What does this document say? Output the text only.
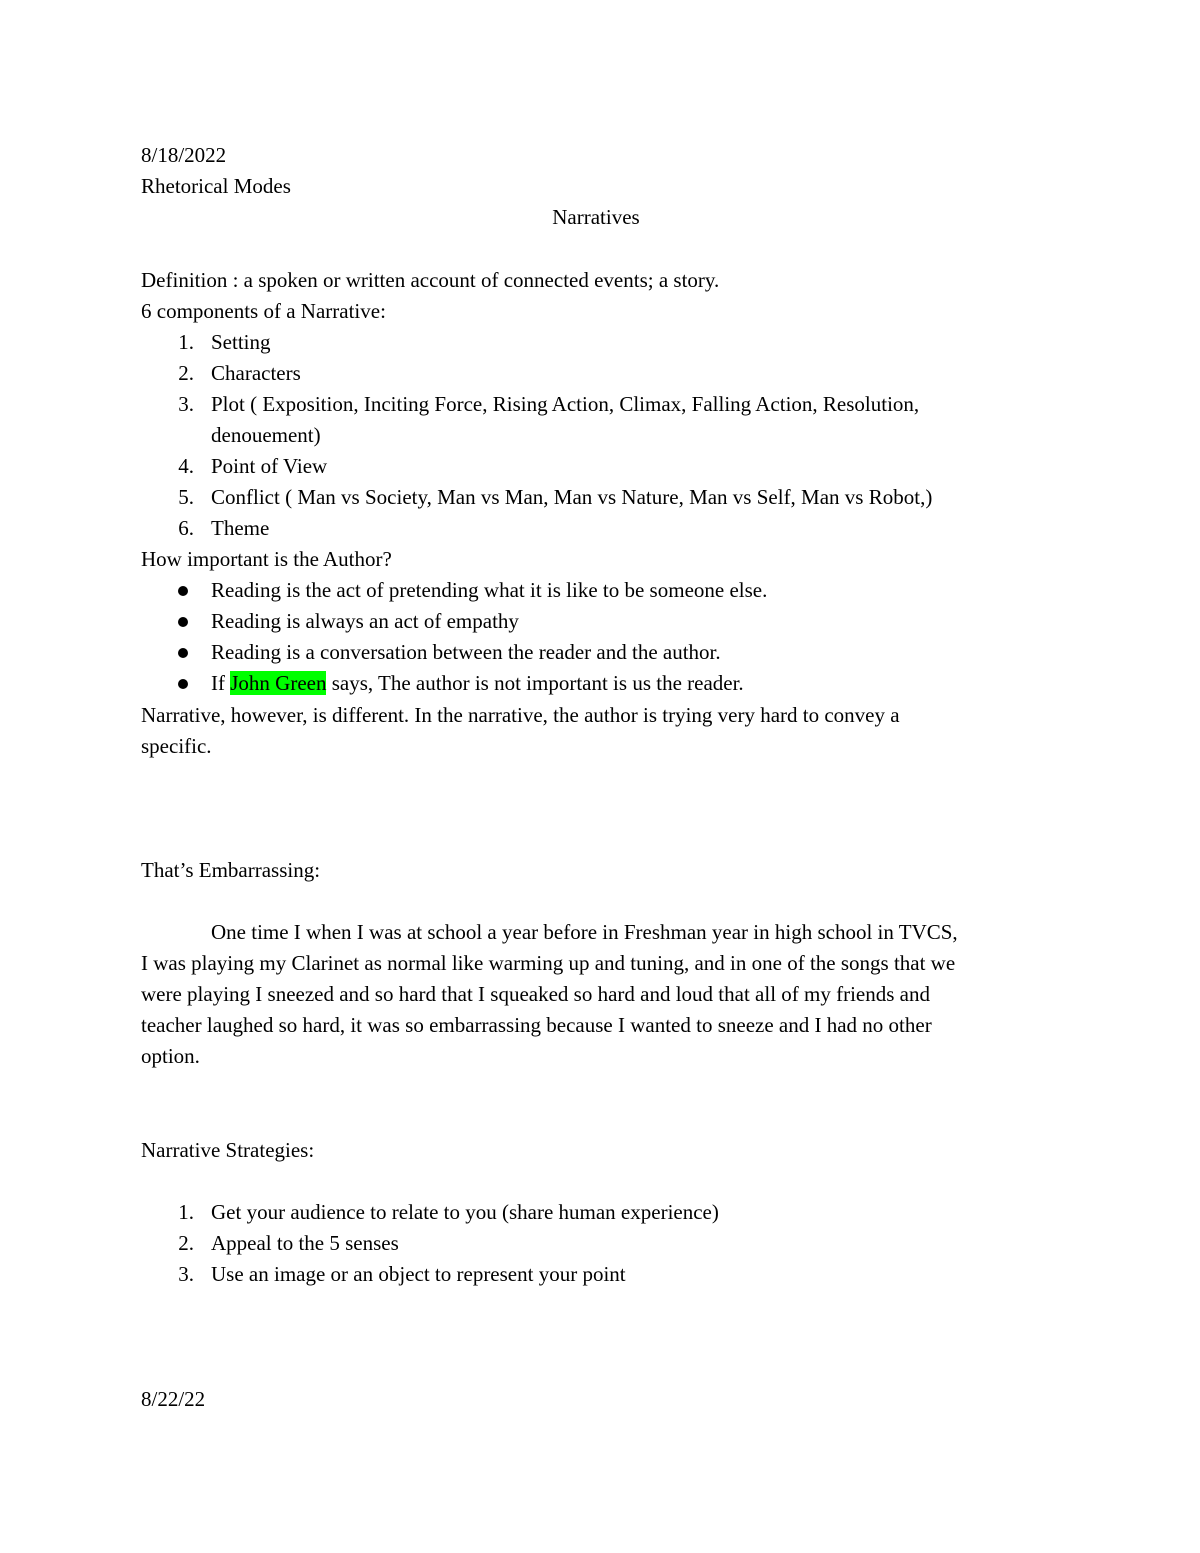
8/18/2022
Rhetorical Modes
Narratives
Definition : a spoken or written account of connected events; a story.
6 components of a Narrative:
1. Setting
2. Characters
3. Plot ( Exposition, Inciting Force, Rising Action, Climax, Falling Action, Resolution,
denouement)
4. Point of View
5. Conflict ( Man vs Society, Man vs Man, Man vs Nature, Man vs Self, Man vs Robot,)
6. Theme
How important is the Author?
Reading is the act of pretending what it is like to be someone else.
Reading is always an act of empathy
Reading is a conversation between the reader and the author.
If John Green says, The author is not important is us the reader.
Narrative, however, is different. In the narrative, the author is trying very hard to convey a
specific.
That’s Embarrassing:
One time I when I was at school a year before in Freshman year in high school in TVCS,
I was playing my Clarinet as normal like warming up and tuning, and in one of the songs that we
were playing I sneezed and so hard that I squeaked so hard and loud that all of my friends and
teacher laughed so hard, it was so embarrassing because I wanted to sneeze and I had no other
option.
Narrative Strategies:
1. Get your audience to relate to you (share human experience)
2. Appeal to the 5 senses
3. Use an image or an object to represent your point
8/22/22
